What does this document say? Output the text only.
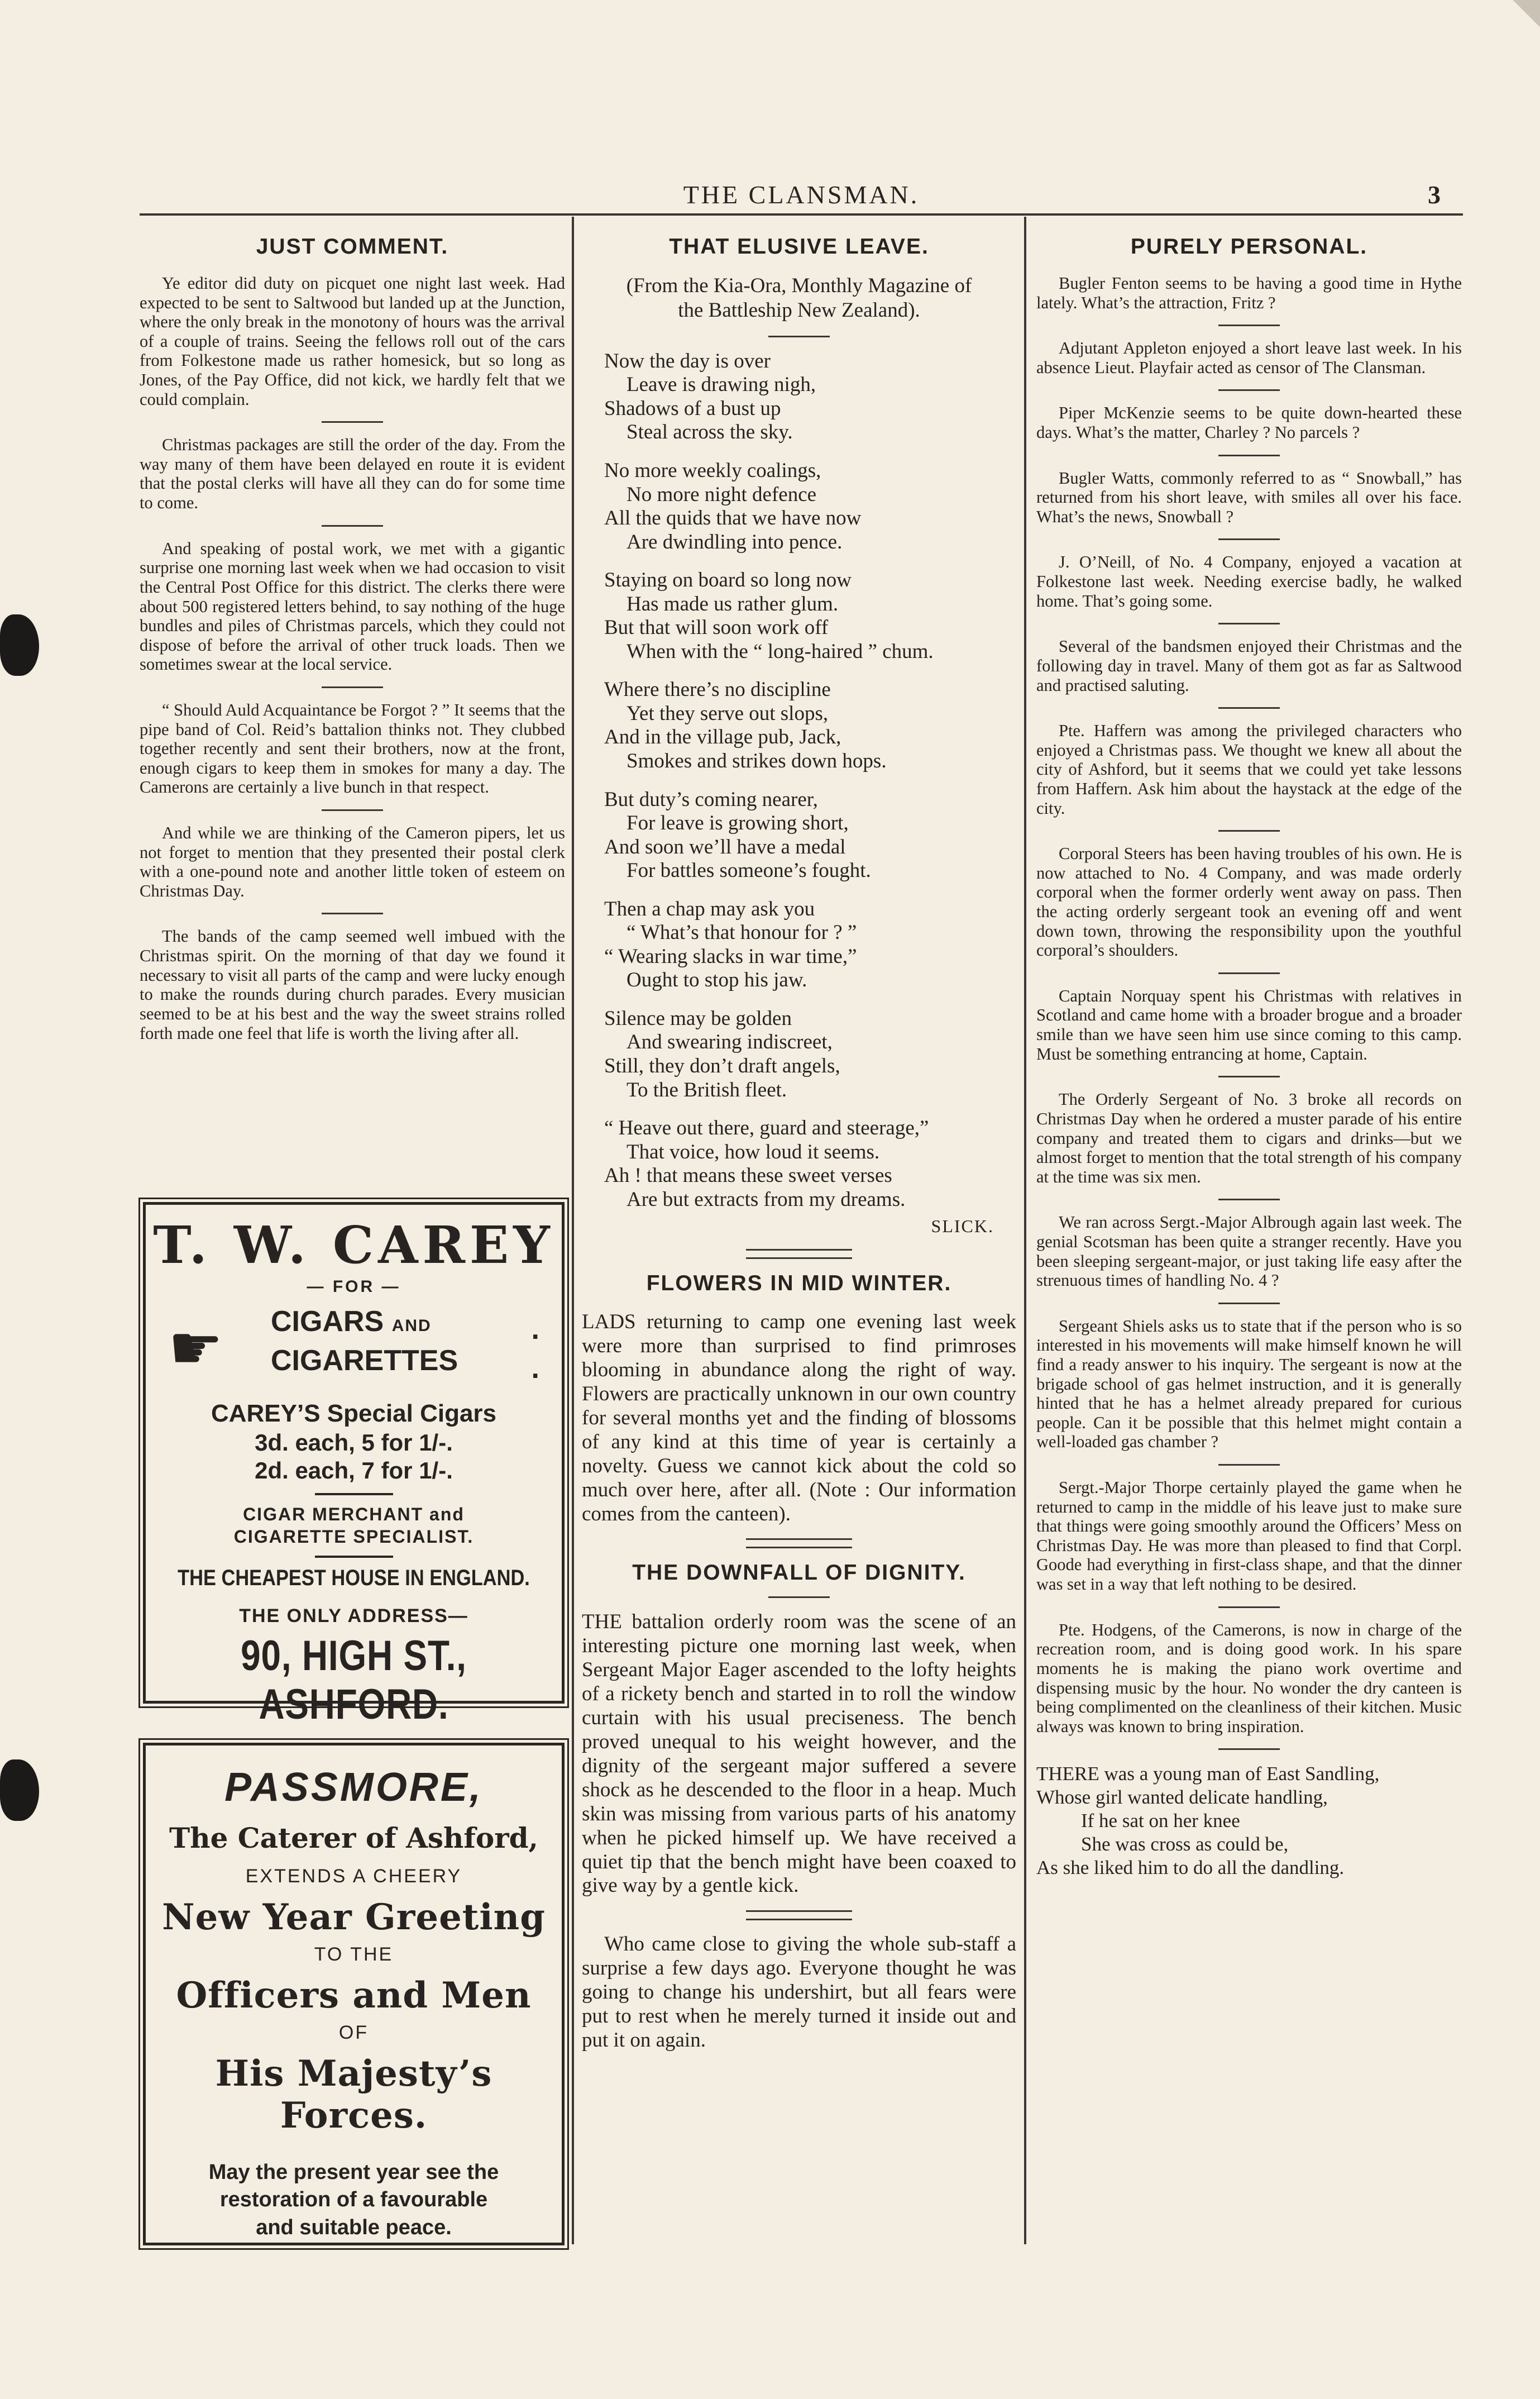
THE CLANSMAN.	3
JUST COMMENT.

Ye editor did duty on picquet one night last week. Had expected to be sent to Saltwood but landed up at the Junction, where the only break in the monotony of hours was the arrival of a couple of trains. Seeing the fellows roll out of the cars from Folkestone made us rather homesick, but so long as Jones, of the Pay Office, did not kick, we hardly felt that we could complain.

Christmas packages are still the order of the day. From the way many of them have been delayed en route it is evident that the postal clerks will have all they can do for some time to come.

And speaking of postal work, we met with a gigantic surprise one morning last week when we had occasion to visit the Central Post Office for this district. The clerks there were about 500 registered letters behind, to say nothing of the huge bundles and piles of Christmas parcels, which they could not dispose of before the arrival of other truck loads. Then we sometimes swear at the local service.

“ Should Auld Acquaintance be Forgot ? ” It seems that the pipe band of Col. Reid’s battalion thinks not. They clubbed together recently and sent their brothers, now at the front, enough cigars to keep them in smokes for many a day. The Camerons are certainly a live bunch in that respect.

And while we are thinking of the Cameron pipers, let us not forget to mention that they presented their postal clerk with a one-pound note and another little token of esteem on Christmas Day.

The bands of the camp seemed well imbued with the Christmas spirit. On the morning of that day we found it necessary to visit all parts of the camp and were lucky enough to make the rounds during church parades. Every musician seemed to be at his best and the way the sweet strains rolled forth made one feel that life is worth the living after all.

T. W. CAREY
— FOR —
☛ CIGARS AND
CIGARETTES
.
.
CAREY’S Special Cigars
3d. each, 5 for 1/-.
2d. each, 7 for 1/-.
CIGAR MERCHANT and
CIGARETTE SPECIALIST.
THE CHEAPEST HOUSE IN ENGLAND.
THE ONLY ADDRESS—
90, HIGH ST., ASHFORD.
PASSMORE,
The Caterer of Ashford,
EXTENDS A CHEERY
New Year Greeting
TO THE
Officers and Men
OF
His Majesty’s Forces.
May the present year see the
restoration of a favourable
and suitable peace.
THAT ELUSIVE LEAVE.
(From the Kia-Ora, Monthly Magazine of
the Battleship New Zealand).
Now the day is over
Leave is drawing nigh,
Shadows of a bust up
Steal across the sky.
No more weekly coalings,
No more night defence
All the quids that we have now
Are dwindling into pence.
Staying on board so long now
Has made us rather glum.
But that will soon work off
When with the “ long-haired ” chum.
Where there’s no discipline
Yet they serve out slops,
And in the village pub, Jack,
Smokes and strikes down hops.
But duty’s coming nearer,
For leave is growing short,
And soon we’ll have a medal
For battles someone’s fought.
Then a chap may ask you
“ What’s that honour for ? ”
“ Wearing slacks in war time,”
Ought to stop his jaw.
Silence may be golden
And swearing indiscreet,
Still, they don’t draft angels,
To the British fleet.
“ Heave out there, guard and steerage,”
That voice, how loud it seems.
Ah ! that means these sweet verses
Are but extracts from my dreams.
SLICK.
FLOWERS IN MID WINTER.

LADS returning to camp one evening last week were more than surprised to find primroses blooming in abundance along the right of way. Flowers are practically unknown in our own country for several months yet and the finding of blossoms of any kind at this time of year is certainly a novelty. Guess we cannot kick about the cold so much over here, after all. (Note : Our information comes from the canteen).

THE DOWNFALL OF DIGNITY.

THE battalion orderly room was the scene of an interesting picture one morning last week, when Sergeant Major Eager ascended to the lofty heights of a rickety bench and started in to roll the window curtain with his usual preciseness. The bench proved unequal to his weight however, and the dignity of the sergeant major suffered a severe shock as he descended to the floor in a heap. Much skin was missing from various parts of his anatomy when he picked himself up. We have received a quiet tip that the bench might have been coaxed to give way by a gentle kick.

Who came close to giving the whole sub-staff a surprise a few days ago. Everyone thought he was going to change his undershirt, but all fears were put to rest when he merely turned it inside out and put it on again.

PURELY PERSONAL.

Bugler Fenton seems to be having a good time in Hythe lately. What’s the attraction, Fritz ?

Adjutant Appleton enjoyed a short leave last week. In his absence Lieut. Playfair acted as censor of The Clansman.

Piper McKenzie seems to be quite down-hearted these days. What’s the matter, Charley ? No parcels ?

Bugler Watts, commonly referred to as “ Snowball,” has returned from his short leave, with smiles all over his face. What’s the news, Snowball ?

J. O’Neill, of No. 4 Company, enjoyed a vacation at Folkestone last week. Needing exercise badly, he walked home. That’s going some.

Several of the bandsmen enjoyed their Christmas and the following day in travel. Many of them got as far as Saltwood and practised saluting.

Pte. Haffern was among the privileged characters who enjoyed a Christmas pass. We thought we knew all about the city of Ashford, but it seems that we could yet take lessons from Haffern. Ask him about the haystack at the edge of the city.

Corporal Steers has been having troubles of his own. He is now attached to No. 4 Company, and was made orderly corporal when the former orderly went away on pass. Then the acting orderly sergeant took an evening off and went down town, throwing the responsibility upon the youthful corporal’s shoulders.

Captain Norquay spent his Christmas with relatives in Scotland and came home with a broader brogue and a broader smile than we have seen him use since coming to this camp. Must be something entrancing at home, Captain.

The Orderly Sergeant of No. 3 broke all records on Christmas Day when he ordered a muster parade of his entire company and treated them to cigars and drinks—but we almost forget to mention that the total strength of his company at the time was six men.

We ran across Sergt.-Major Albrough again last week. The genial Scotsman has been quite a stranger recently. Have you been sleeping sergeant-major, or just taking life easy after the strenuous times of handling No. 4 ?

Sergeant Shiels asks us to state that if the person who is so interested in his movements will make himself known he will find a ready answer to his inquiry. The sergeant is now at the brigade school of gas helmet instruction, and it is generally hinted that he has a helmet already prepared for curious people. Can it be possible that this helmet might contain a well-loaded gas chamber ?

Sergt.-Major Thorpe certainly played the game when he returned to camp in the middle of his leave just to make sure that things were going smoothly around the Officers’ Mess on Christmas Day. He was more than pleased to find that Corpl. Goode had everything in first-class shape, and that the dinner was set in a way that left nothing to be desired.

Pte. Hodgens, of the Camerons, is now in charge of the recreation room, and is doing good work. In his spare moments he is making the piano work overtime and dispensing music by the hour. No wonder the dry canteen is being complimented on the cleanliness of their kitchen. Music always was known to bring inspiration.

THERE was a young man of East Sandling,
Whose girl wanted delicate handling,
If he sat on her knee
She was cross as could be,
As she liked him to do all the dandling.
